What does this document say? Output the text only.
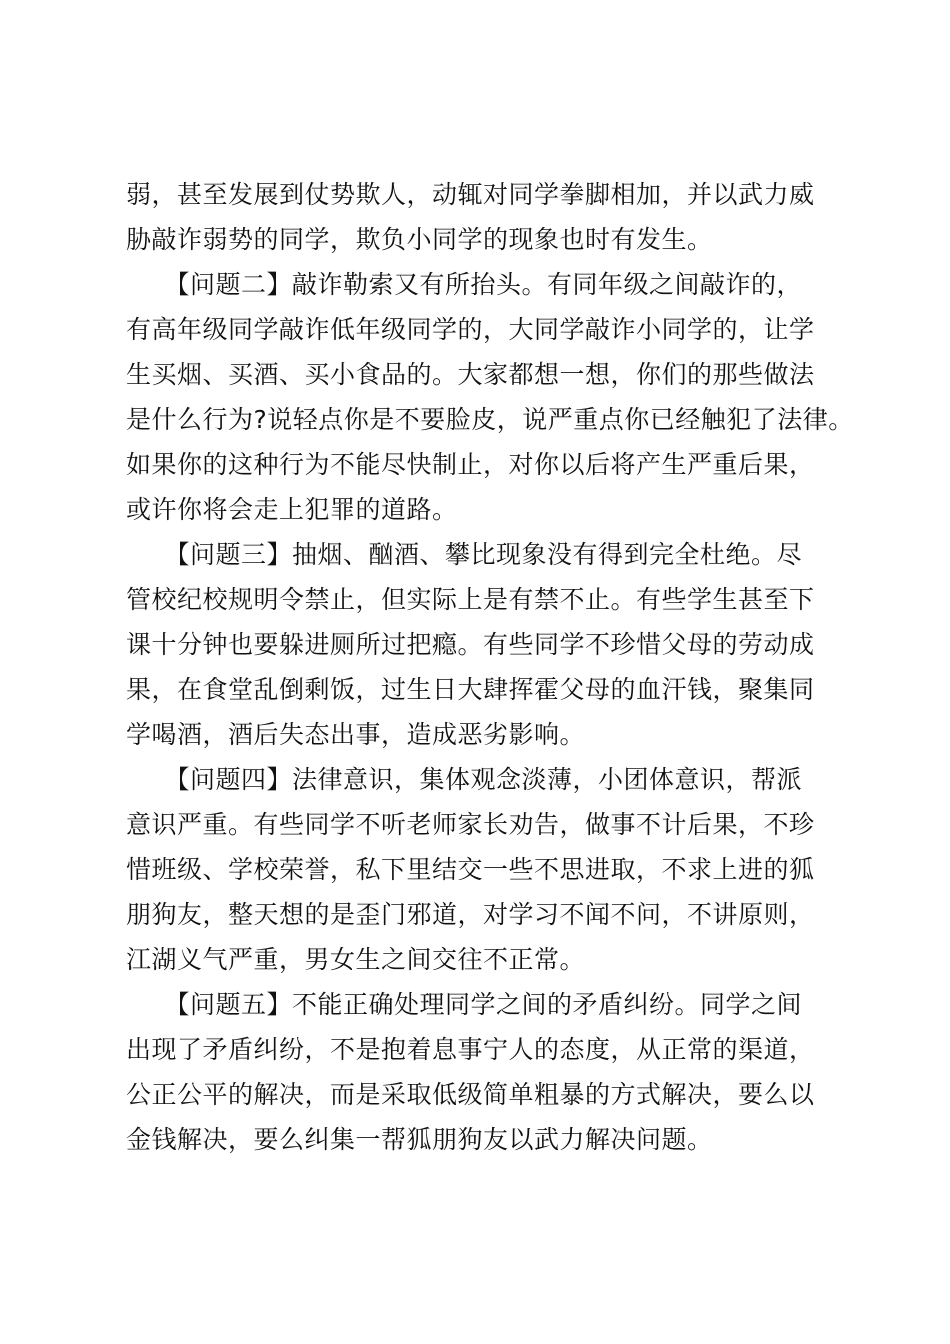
弱，甚至发展到仗势欺人，动辄对同学拳脚相加，并以武力威
胁敲诈弱势的同学，欺负小同学的现象也时有发生。
　　【问题二】敲诈勒索又有所抬头。有同年级之间敲诈的，
有高年级同学敲诈低年级同学的，大同学敲诈小同学的，让学
生买烟、买酒、买小食品的。大家都想一想，你们的那些做法
是什么行为?说轻点你是不要脸皮，说严重点你已经触犯了法律。
如果你的这种行为不能尽快制止，对你以后将产生严重后果，
或许你将会走上犯罪的道路。
　　【问题三】抽烟、酗酒、攀比现象没有得到完全杜绝。尽
管校纪校规明令禁止，但实际上是有禁不止。有些学生甚至下
课十分钟也要躲进厕所过把瘾。有些同学不珍惜父母的劳动成
果，在食堂乱倒剩饭，过生日大肆挥霍父母的血汗钱，聚集同
学喝酒，酒后失态出事，造成恶劣影响。
　　【问题四】法律意识，集体观念淡薄，小团体意识，帮派
意识严重。有些同学不听老师家长劝告，做事不计后果，不珍
惜班级、学校荣誉，私下里结交一些不思进取，不求上进的狐
朋狗友，整天想的是歪门邪道，对学习不闻不问，不讲原则，
江湖义气严重，男女生之间交往不正常。
　　【问题五】不能正确处理同学之间的矛盾纠纷。同学之间
出现了矛盾纠纷，不是抱着息事宁人的态度，从正常的渠道，
公正公平的解决，而是采取低级简单粗暴的方式解决，要么以
金钱解决，要么纠集一帮狐朋狗友以武力解决问题。
